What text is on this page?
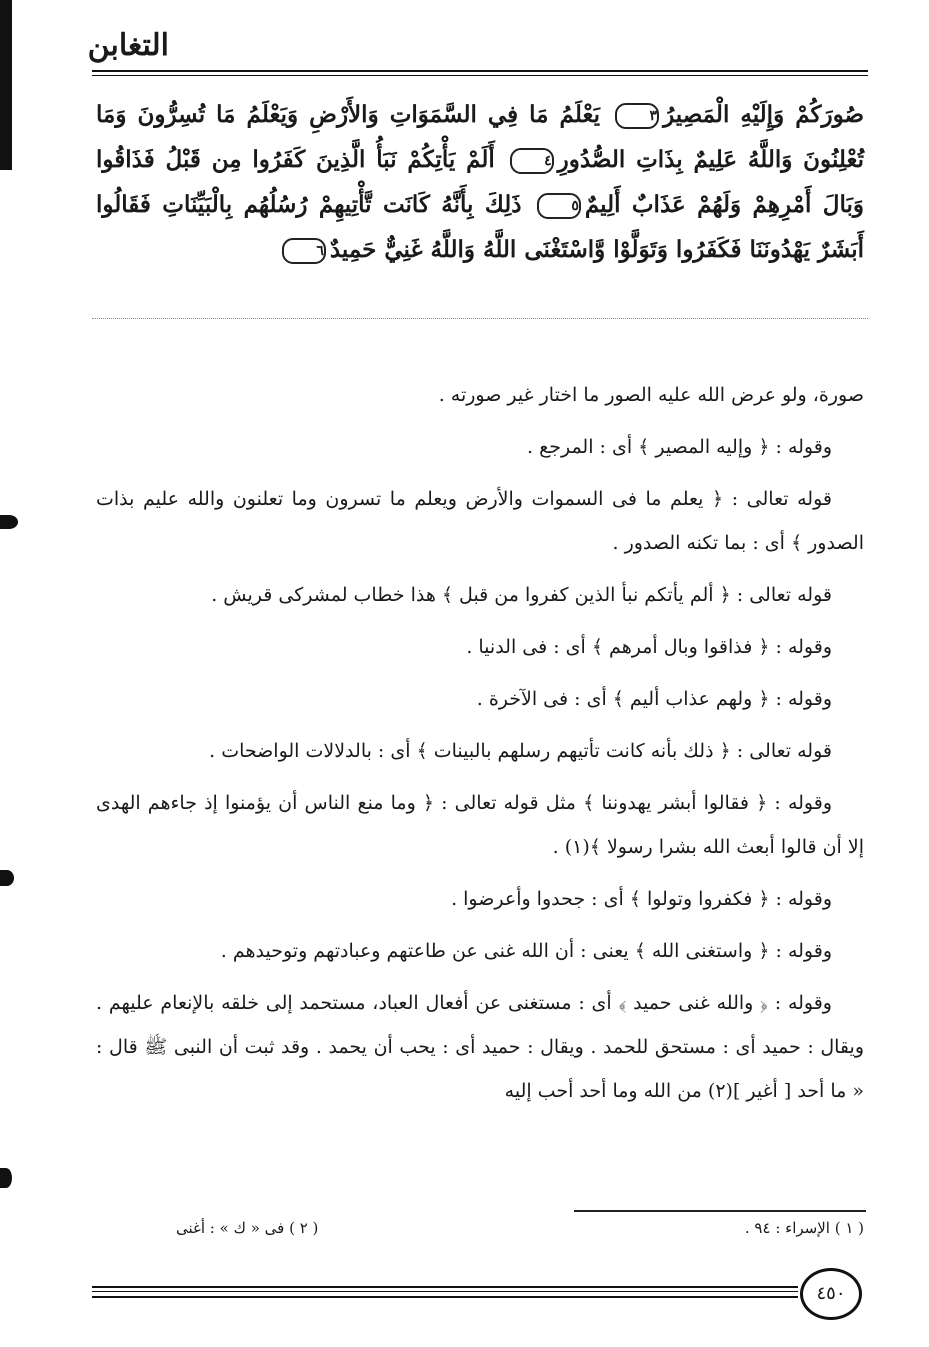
التغابن
صُورَكُمْ وَإِلَيْهِ الْمَصِيرُ٣ يَعْلَمُ مَا فِي السَّمَوَاتِ وَالأَرْضِ وَيَعْلَمُ مَا تُسِرُّونَ وَمَا تُعْلِنُونَ وَاللَّهُ عَلِيمٌ بِذَاتِ الصُّدُورِ٤ أَلَمْ يَأْتِكُمْ نَبَأُ الَّذِينَ كَفَرُوا مِن قَبْلُ فَذَاقُوا وَبَالَ أَمْرِهِمْ وَلَهُمْ عَذَابٌ أَلِيمٌ٥ ذَلِكَ بِأَنَّهُ كَانَت تَّأْتِيهِمْ رُسُلُهُم بِالْبَيِّنَاتِ فَقَالُوا أَبَشَرٌ يَهْدُونَنَا فَكَفَرُوا وَتَوَلَّوْا وَّاسْتَغْنَى اللَّهُ وَاللَّهُ غَنِيٌّ حَمِيدٌ٦

صورة، ولو عرض الله عليه الصور ما اختار غير صورته .

وقوله : ﴿ وإليه المصير ﴾ أى : المرجع .

قوله تعالى : ﴿ يعلم ما فى السموات والأرض ويعلم ما تسرون وما تعلنون والله عليم بذات الصدور ﴾ أى : بما تكنه الصدور .

قوله تعالى : ﴿ ألم يأتكم نبأ الذين كفروا من قبل ﴾ هذا خطاب لمشركى قريش .

وقوله : ﴿ فذاقوا وبال أمرهم ﴾ أى : فى الدنيا .

وقوله : ﴿ ولهم عذاب أليم ﴾ أى : فى الآخرة .

قوله تعالى : ﴿ ذلك بأنه كانت تأتيهم رسلهم بالبينات ﴾ أى : بالدلالات الواضحات .

وقوله : ﴿ فقالوا أبشر يهدوننا ﴾ مثل قوله تعالى : ﴿ وما منع الناس أن يؤمنوا إذ جاءهم الهدى إلا أن قالوا أبعث الله بشرا رسولا ﴾(١) .

وقوله : ﴿ فكفروا وتولوا ﴾ أى : جحدوا وأعرضوا .

وقوله : ﴿ واستغنى الله ﴾ يعنى : أن الله غنى عن طاعتهم وعبادتهم وتوحيدهم .

وقوله : ﴿ والله غنى حميد ﴾ أى : مستغنى عن أفعال العباد، مستحمد إلى خلقه بالإنعام عليهم . ويقال : حميد أى : مستحق للحمد . ويقال : حميد أى : يحب أن يحمد . وقد ثبت أن النبى ﷺ قال : « ما أحد [ أغير ](٢) من الله وما أحد أحب إليه

( ١ ) الإسراء : ٩٤ .
( ٢ ) فى « ك » : أغنى
٤٥٠
